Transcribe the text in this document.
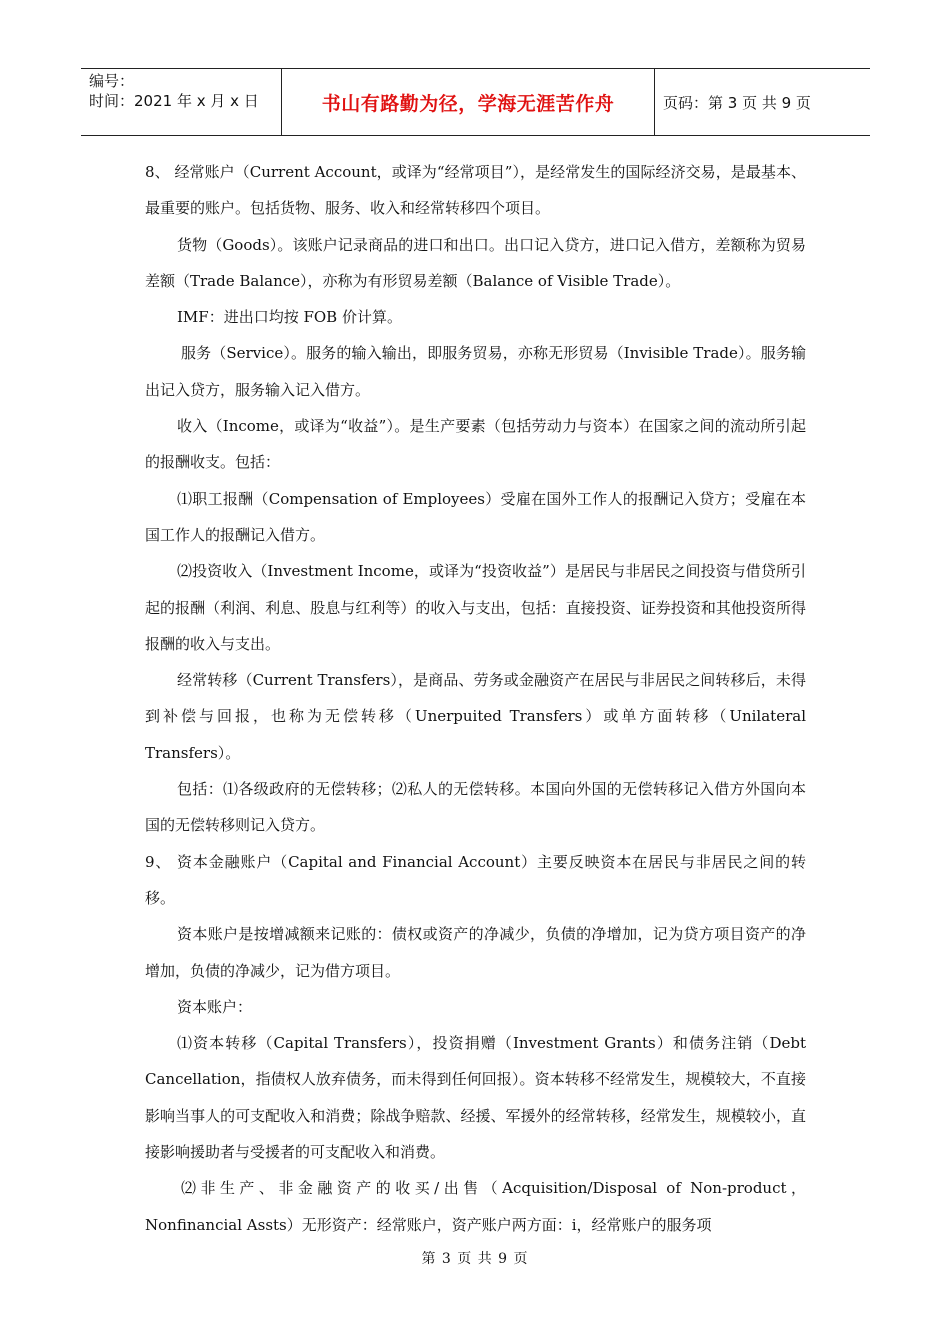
编号：
时间：2021 年 x 月 x 日	书山有路勤为径，学海无涯苦作舟	页码：第 3 页 共 9 页

8、 经常账户（Current Account，或译为“经常项目”），是经常发生的国际经济交易，是最基本、最重要的账户。包括货物、服务、收入和经常转移四个项目。

货物（Goods）。该账户记录商品的进口和出口。出口记入贷方，进口记入借方，差额称为贸易差额（Trade Balance），亦称为有形贸易差额（Balance of Visible Trade）。

IMF：进出口均按 FOB 价计算。

服务（Service）。服务的输入输出，即服务贸易，亦称无形贸易（Invisible Trade）。服务输出记入贷方，服务输入记入借方。

收入（Income，或译为“收益”）。是生产要素（包括劳动力与资本）在国家之间的流动所引起的报酬收支。包括：

⑴职工报酬（Compensation of Employees）受雇在国外工作人的报酬记入贷方；受雇在本国工作人的报酬记入借方。

⑵投资收入（Investment Income，或译为“投资收益”）是居民与非居民之间投资与借贷所引起的报酬（利润、利息、股息与红利等）的收入与支出，包括：直接投资、证券投资和其他投资所得报酬的收入与支出。

经常转移（Current Transfers），是商品、劳务或金融资产在居民与非居民之间转移后，未得到补偿与回报，也称为无偿转移（Unerpuited Transfers）或单方面转移（Unilateral Transfers）。

包括：⑴各级政府的无偿转移；⑵私人的无偿转移。本国向外国的无偿转移记入借方外国向本国的无偿转移则记入贷方。

9、 资本金融账户（Capital and Financial Account）主要反映资本在居民与非居民之间的转移。

资本账户是按增减额来记账的：债权或资产的净减少，负债的净增加，记为贷方项目资产的净增加，负债的净减少，记为借方项目。

资本账户：

⑴资本转移（Capital Transfers），投资捐赠（Investment Grants）和债务注销（Debt Cancellation，指债权人放弃债务，而未得到任何回报）。资本转移不经常发生，规模较大，不直接影响当事人的可支配收入和消费；除战争赔款、经援、军援外的经常转移，经常发生，规模较小，直接影响援助者与受援者的可支配收入和消费。

⑵非生产、非金融资产的收买/出售（Acquisition/Disposal of Non-product，Nonfinancial Assts）无形资产：经常账户，资产账户两方面：ⅰ，经常账户的服务项

第 3 页 共 9 页
